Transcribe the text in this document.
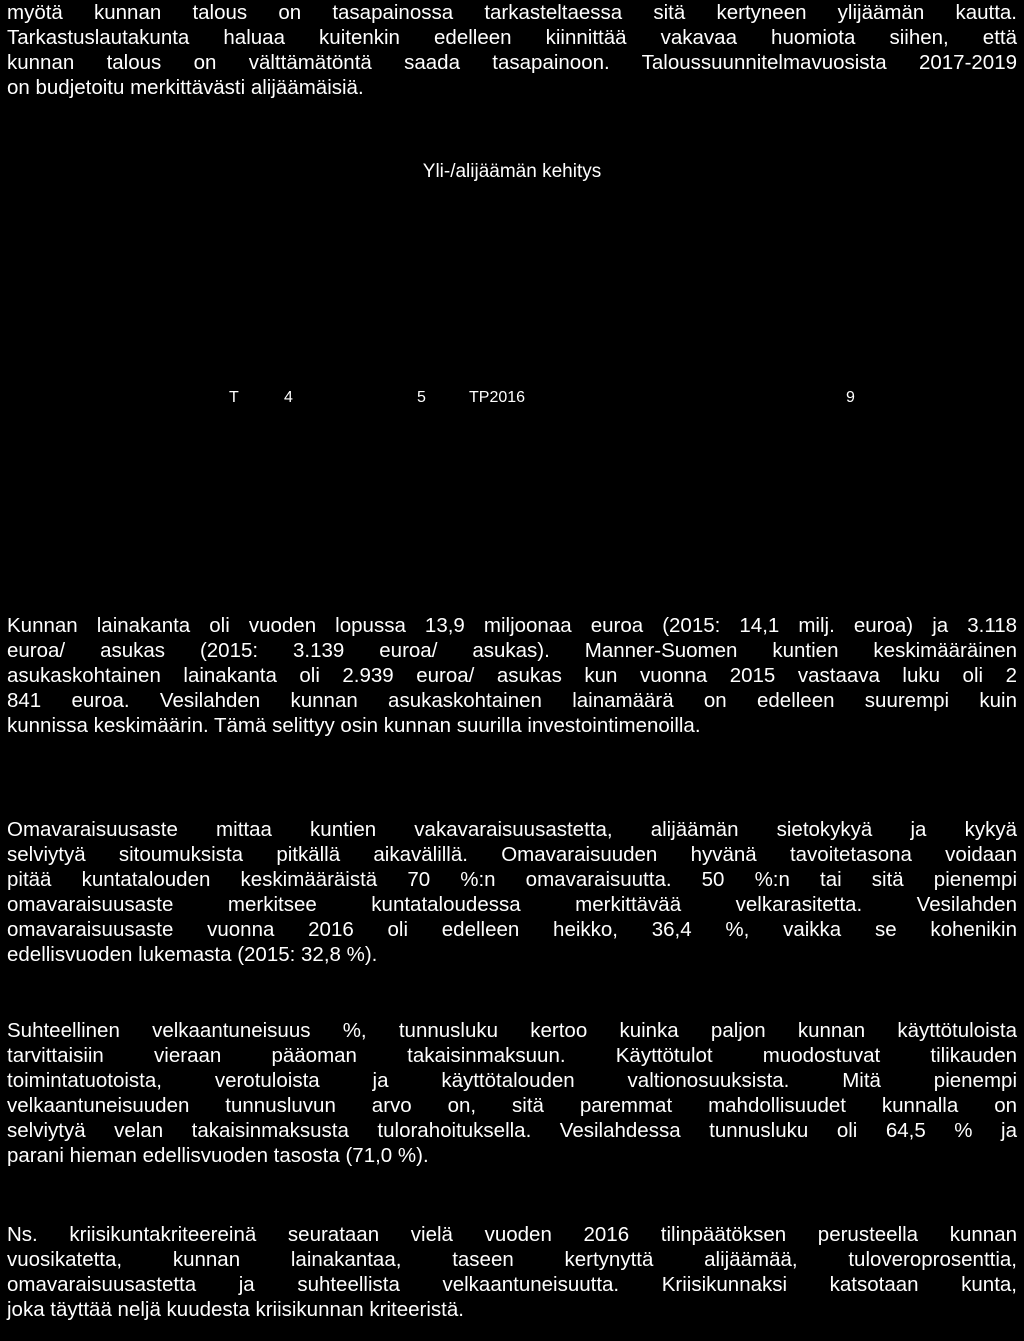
myötä kunnan talous on tasapainossa tarkasteltaessa sitä kertyneen ylijäämän kautta.
Tarkastuslautakunta haluaa kuitenkin edelleen kiinnittää vakavaa huomiota siihen, että
kunnan talous on välttämätöntä saada tasapainoon. Taloussuunnitelmavuosista 2017-2019
on budjetoitu merkittävästi alijäämäisiä.

Yli-/alijäämän kehitys

T	4	5	TP2016	9

Kunnan lainakanta oli vuoden lopussa 13,9 miljoonaa euroa (2015: 14,1 milj. euroa) ja 3.118
euroa/ asukas (2015: 3.139 euroa/ asukas). Manner-Suomen kuntien keskimääräinen
asukaskohtainen lainakanta oli 2.939 euroa/ asukas kun vuonna 2015 vastaava luku oli 2
841 euroa. Vesilahden kunnan asukaskohtainen lainamäärä on edelleen suurempi kuin
kunnissa keskimäärin. Tämä selittyy osin kunnan suurilla investointimenoilla.

Omavaraisuusaste mittaa kuntien vakavaraisuusastetta, alijäämän sietokykyä ja kykyä
selviytyä sitoumuksista pitkällä aikavälillä. Omavaraisuuden hyvänä tavoitetasona voidaan
pitää kuntatalouden keskimääräistä 70 %:n omavaraisuutta. 50 %:n tai sitä pienempi
omavaraisuusaste merkitsee kuntataloudessa merkittävää velkarasitetta. Vesilahden
omavaraisuusaste vuonna 2016 oli edelleen heikko, 36,4 %, vaikka se kohenikin
edellisvuoden lukemasta (2015: 32,8 %).

Suhteellinen velkaantuneisuus %, tunnusluku kertoo kuinka paljon kunnan käyttötuloista
tarvittaisiin vieraan pääoman takaisinmaksuun. Käyttötulot muodostuvat tilikauden
toimintatuotoista, verotuloista ja käyttötalouden valtionosuuksista. Mitä pienempi
velkaantuneisuuden tunnusluvun arvo on, sitä paremmat mahdollisuudet kunnalla on
selviytyä velan takaisinmaksusta tulorahoituksella. Vesilahdessa tunnusluku oli 64,5 % ja
parani hieman edellisvuoden tasosta (71,0 %).

Ns. kriisikuntakriteereinä seurataan vielä vuoden 2016 tilinpäätöksen perusteella kunnan
vuosikatetta, kunnan lainakantaa, taseen kertynyttä alijäämää, tuloveroprosenttia,
omavaraisuusastetta ja suhteellista velkaantuneisuutta. Kriisikunnaksi katsotaan kunta,
joka täyttää neljä kuudesta kriisikunnan kriteeristä.
